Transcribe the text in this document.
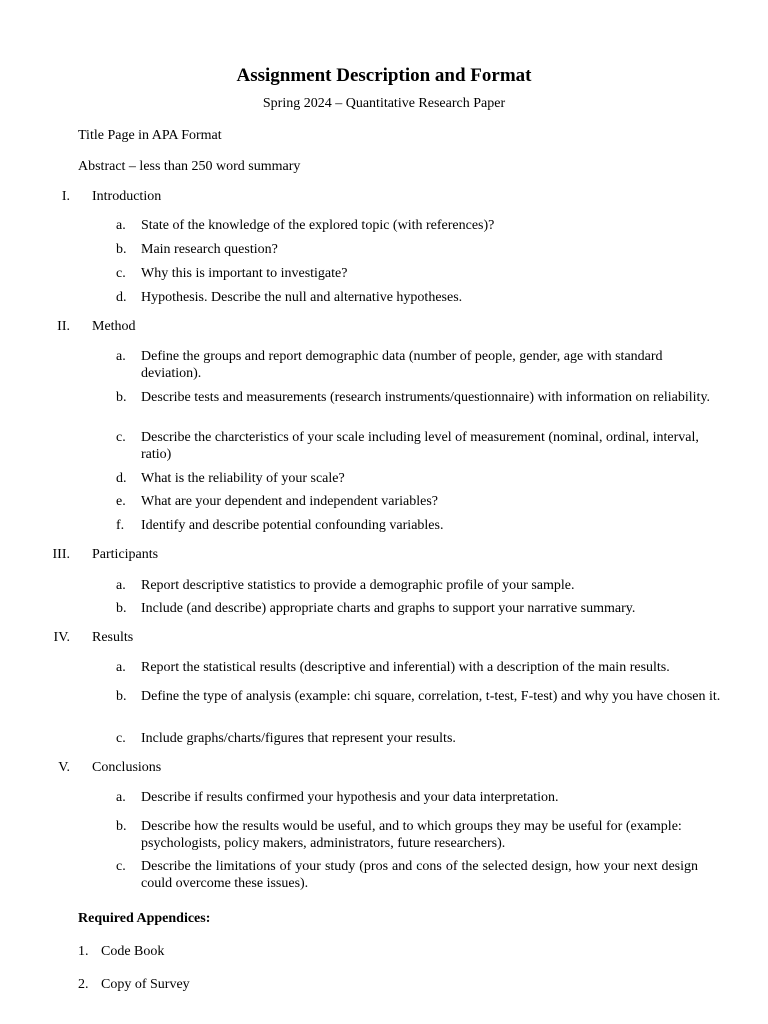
Assignment Description and Format
Spring 2024 – Quantitative Research Paper
Title Page in APA Format
Abstract – less than 250 word summary
I. Introduction
a.	State of the knowledge of the explored topic (with references)?
b.	Main research question?
c.	Why this is important to investigate?
d.	Hypothesis. Describe the null and alternative hypotheses.
II. Method
a.	Define the groups and report demographic data (number of people, gender, age with standard deviation).
b.	Describe tests and measurements (research instruments/questionnaire) with information on reliability.
c.	Describe the charcteristics of your scale including level of measurement (nominal, ordinal, interval, ratio)
d.	What is the reliability of your scale?
e.	What are your dependent and independent variables?
f.	Identify and describe potential confounding variables.
III. Participants
a.	Report descriptive statistics to provide a demographic profile of your sample.
b.	Include (and describe) appropriate charts and graphs to support your narrative summary.
IV. Results
a.	Report the statistical results (descriptive and inferential) with a description of the main results.
b.	Define the type of analysis (example: chi square, correlation, t-test, F-test) and why you have chosen it.
c.	Include graphs/charts/figures that represent your results.
V. Conclusions
a.	Describe if results confirmed your hypothesis and your data interpretation.
b.	Describe how the results would be useful, and to which groups they may be useful for (example: psychologists, policy makers, administrators, future researchers).
c.	Describe the limitations of your study (pros and cons of the selected design, how your next design could overcome these issues).
Required Appendices:
1. Code Book
2. Copy of Survey
